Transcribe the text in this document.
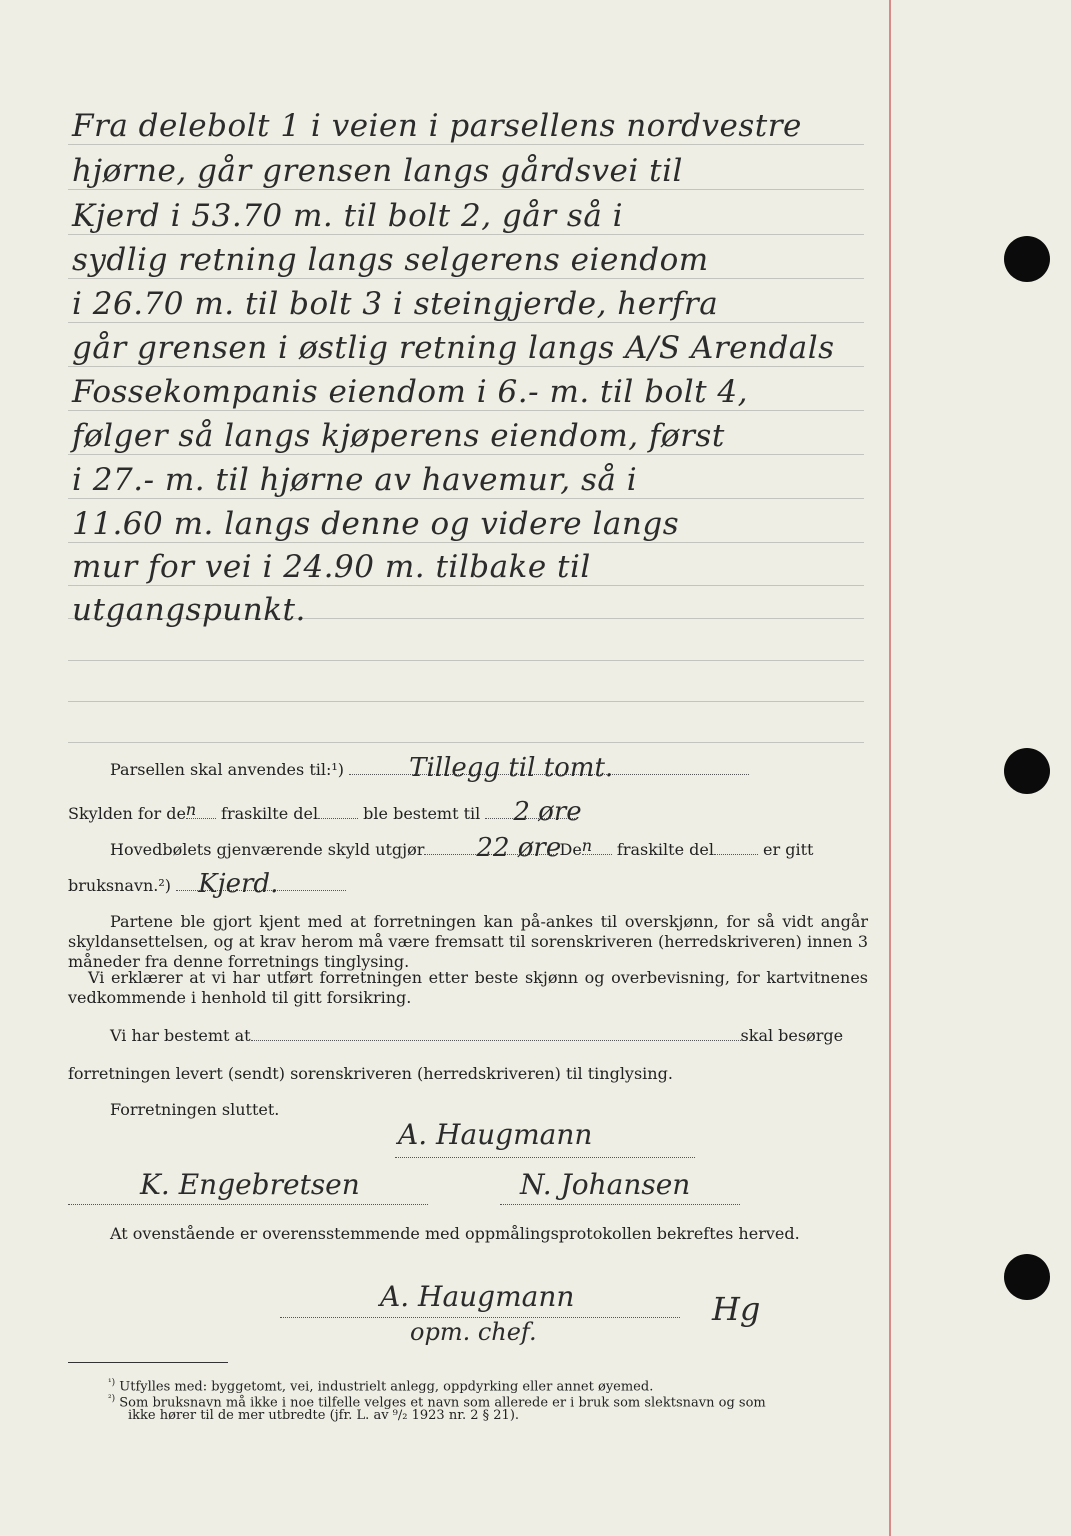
Fra delebolt 1 i veien i parsellens nordvestre
hjørne, går grensen langs gårdsvei til
Kjerd i 53.70 m. til bolt 2, går så i
sydlig retning langs selgerens eiendom
i 26.70 m. til bolt 3 i steingjerde, herfra
går grensen i østlig retning langs A/S Arendals
Fossekompanis eiendom i 6.- m. til bolt 4,
følger så langs kjøperens eiendom, først
i 27.- m. til hjørne av havemur, så i
11.60 m. langs denne og videre langs
mur for vei i 24.90 m. tilbake til
Parsellen skal anvendes til:¹)	Tillegg til tomt.
Skylden for de n fraskilte del	ble bestemt til 2 øre
Hovedbølets gjenværende skyld utgjør 22 øre
De n fraskilte del	er gitt
bruksnavn.²) Kjerd.
Partene ble gjort kjent med at forretningen kan på-ankes til overskjønn, for så vidt angår skyldansettelsen, og at krav herom må være fremsatt til sorenskriveren (herredskriveren) innen 3 måneder fra denne forretnings tinglysing.
Vi erklærer at vi har utført forretningen etter beste skjønn og overbevisning, for kartvitnenes vedkommende i henhold til gitt forsikring.
Vi har bestemt at	skal besørge
forretningen levert (sendt) sorenskriveren (herredskriveren) til tinglysing.
Forretningen sluttet.
A. Haugmann
K. Engebretsen	N. Johansen
At ovenstående er overensstemmende med oppmålingsprotokollen bekreftes herved.
A. Haugmann
opm. chef.
Hg
$^{^1)}$ Utfylles med: byggetomt, vei, industrielt anlegg, oppdyrking eller annet øyemed.
$^{^2)}$ Som bruksnavn må ikke i noe tilfelle velges et navn som allerede er i bruk som slektsnavn og som
ikke hører til de mer utbredte (jfr. L. av ⁹/₂ 1923 nr. 2 § 21).
utgangspunkt.
